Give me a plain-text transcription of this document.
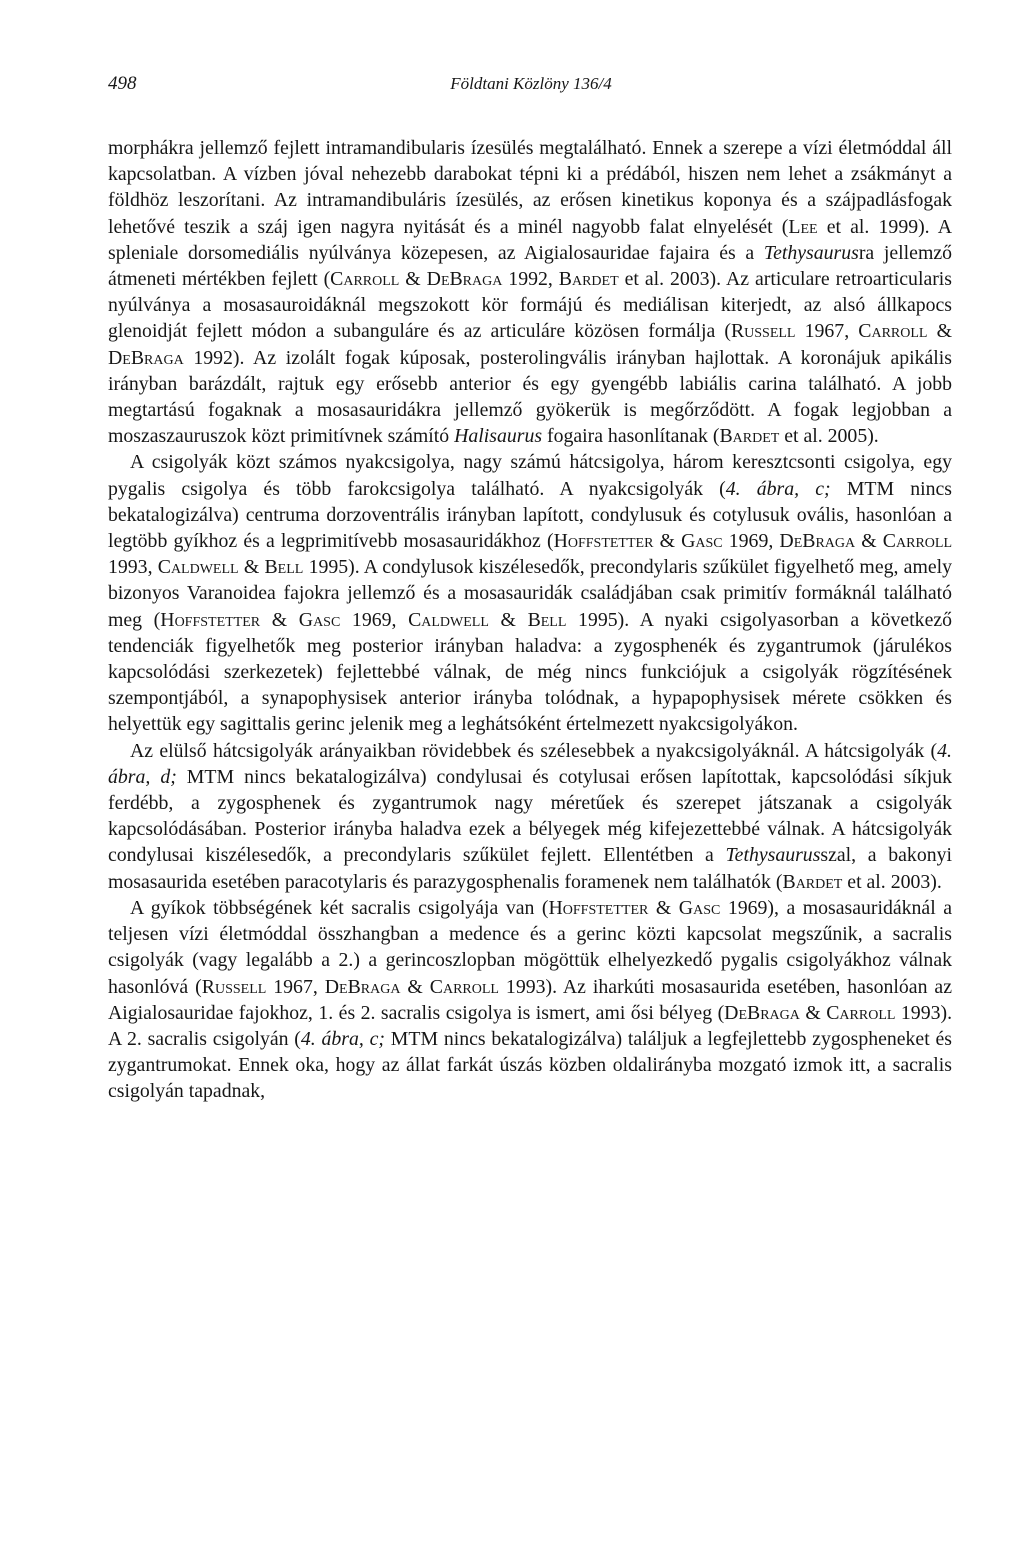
498	Földtani Közlöny 136/4

morphákra jellemző fejlett intramandibularis ízesülés megtalálható. Ennek a szerepe a vízi életmóddal áll kapcsolatban. A vízben jóval nehezebb darabokat tépni ki a prédából, hiszen nem lehet a zsákmányt a földhöz leszorítani. Az intramandibuláris ízesülés, az erősen kinetikus koponya és a szájpadlásfogak lehetővé teszik a száj igen nagyra nyitását és a minél nagyobb falat elnyelését (Lee et al. 1999). A spleniale dorsomediális nyúlványa közepesen, az Aigialosauridae fajaira és a Tethysaurusra jellemző átmeneti mértékben fejlett (Carroll & DeBraga 1992, Bardet et al. 2003). Az articulare retroarticularis nyúlványa a mosasauroidáknál megszokott kör formájú és mediálisan kiterjedt, az alsó állkapocs glenoidját fejlett módon a subanguláre és az articuláre közösen formálja (Russell 1967, Carroll & DeBraga 1992). Az izolált fogak kúposak, posterolingvális irányban hajlottak. A koronájuk apikális irányban barázdált, rajtuk egy erősebb anterior és egy gyengébb labiális carina található. A jobb megtartású fogaknak a mosasauridákra jellemző gyökerük is megőrződött. A fogak legjobban a moszaszauruszok közt primitívnek számító Halisaurus fogaira hasonlítanak (Bardet et al. 2005).

A csigolyák közt számos nyakcsigolya, nagy számú hátcsigolya, három keresztcsonti csigolya, egy pygalis csigolya és több farokcsigolya található. A nyakcsigolyák (4. ábra, c; MTM nincs bekatalogizálva) centruma dorzoventrális irányban lapított, condylusuk és cotylusuk ovális, hasonlóan a legtöbb gyíkhoz és a legprimitívebb mosasauridákhoz (Hoffstetter & Gasc 1969, DeBraga & Carroll 1993, Caldwell & Bell 1995). A condylusok kiszélesedők, precondylaris szűkület figyelhető meg, amely bizonyos Varanoidea fajokra jellemző és a mosasauridák családjában csak primitív formáknál található meg (Hoffstetter & Gasc 1969, Caldwell & Bell 1995). A nyaki csigolyasorban a következő tendenciák figyelhetők meg posterior irányban haladva: a zygosphenék és zygantrumok (járulékos kapcsolódási szerkezetek) fejlettebbé válnak, de még nincs funkciójuk a csigolyák rögzítésének szempontjából, a synapophysisek anterior irányba tolódnak, a hypapophysisek mérete csökken és helyettük egy sagittalis gerinc jelenik meg a leghátsóként értelmezett nyakcsigolyákon.

Az elülső hátcsigolyák arányaikban rövidebbek és szélesebbek a nyakcsigolyáknál. A hátcsigolyák (4. ábra, d; MTM nincs bekatalogizálva) condylusai és cotylusai erősen lapítottak, kapcsolódási síkjuk ferdébb, a zygosphenek és zygantrumok nagy méretűek és szerepet játszanak a csigolyák kapcsolódásában. Posterior irányba haladva ezek a bélyegek még kifejezettebbé válnak. A hátcsigolyák condylusai kiszélesedők, a precondylaris szűkület fejlett. Ellentétben a Tethysaurusszal, a bakonyi mosasaurida esetében paracotylaris és parazygosphenalis foramenek nem találhatók (Bardet et al. 2003).

A gyíkok többségének két sacralis csigolyája van (Hoffstetter & Gasc 1969), a mosasauridáknál a teljesen vízi életmóddal összhangban a medence és a gerinc közti kapcsolat megszűnik, a sacralis csigolyák (vagy legalább a 2.) a gerincoszlopban mögöttük elhelyezkedő pygalis csigolyákhoz válnak hasonlóvá (Russell 1967, DeBraga & Carroll 1993). Az iharkúti mosasaurida esetében, hasonlóan az Aigialosauridae fajokhoz, 1. és 2. sacralis csigolya is ismert, ami ősi bélyeg (DeBraga & Carroll 1993). A 2. sacralis csigolyán (4. ábra, c; MTM nincs bekatalogizálva) találjuk a legfejlettebb zygospheneket és zygantrumokat. Ennek oka, hogy az állat farkát úszás közben oldalirányba mozgató izmok itt, a sacralis csigolyán tapadnak,
